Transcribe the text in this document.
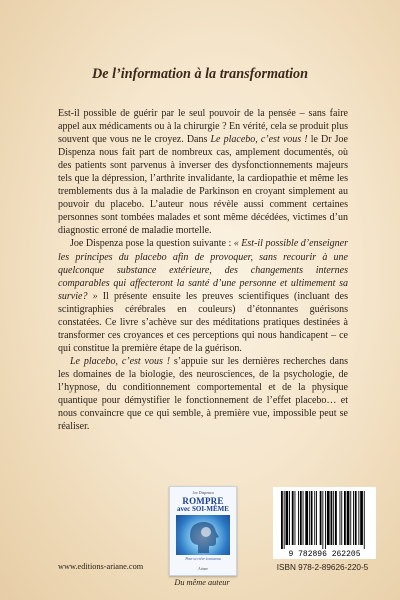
De l’information à la transformation

Est-il possible de guérir par le seul pouvoir de la pensée – sans faire appel aux médicaments ou à la chirurgie ? En vérité, cela se produit plus souvent que vous ne le croyez. Dans Le placebo, c’est vous ! le Dr Joe Dispenza nous fait part de nombreux cas, amplement documentés, où des patients sont parvenus à inverser des dysfonctionnements majeurs tels que la dépression, l’arthrite invalidante, la cardiopathie et même les tremblements dus à la maladie de Parkinson en croyant simplement au pouvoir du placebo. L’auteur nous révèle aussi comment certaines personnes sont tombées malades et sont même décédées, victimes d’un diagnostic erroné de maladie mortelle.

Joe Dispenza pose la question suivante : « Est-il possible d’enseigner les principes du placebo afin de provoquer, sans recourir à une quelconque substance extérieure, des changements internes comparables qui affecteront la santé d’une personne et ultimement sa survie? » Il présente ensuite les preuves scientifiques (incluant des scintigraphies cérébrales en couleurs) d’étonnantes guérisons constatées. Ce livre s’achève sur des méditations pratiques destinées à transformer ces croyances et ces perceptions qui nous handicapent – ce qui constitue la première étape de la guérison.

Le placebo, c’est vous ! s’appuie sur les dernières recherches dans les domaines de la biologie, des neurosciences, de la psychologie, de l’hypnose, du conditionnement comportemental et de la physique quantique pour démystifier le fonctionnement de l’effet placebo… et nous convaincre que ce qui semble, à première vue, impossible peut se réaliser.

Joe Dispenza
ROMPRE
avec SOI-MÊME
Pour se créer à nouveau
Ariane
Du même auteur
www.editions-ariane.com
9 782896 262205
ISBN 978-2-89626-220-5
